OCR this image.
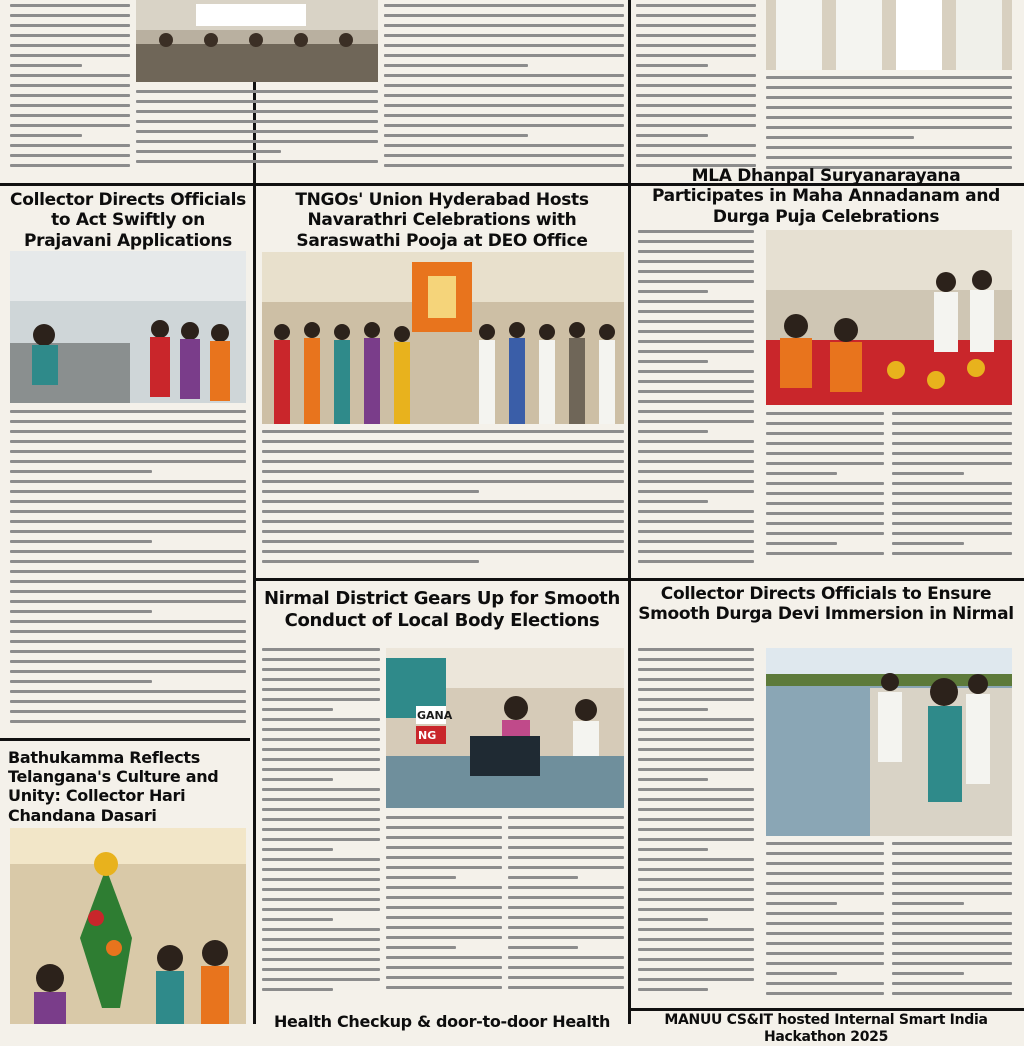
Collector Directs Officials to Act Swiftly on Prajavani Applications
Bathukamma Reflects Telangana's Culture and Unity: Collector Hari Chandana Dasari
TNGOs' Union Hyderabad Hosts Navarathri Celebrations with Saraswathi Pooja at DEO Office
Nirmal District Gears Up for Smooth Conduct of Local Body Elections
GANA
NG
Health Checkup & door-to-door Health
MLA Dhanpal Suryanarayana Participates in Maha Annadanam and Durga Puja Celebrations
Collector Directs Officials to Ensure Smooth Durga Devi Immersion in Nirmal
MANUU CS&IT hosted Internal Smart India Hackathon 2025
